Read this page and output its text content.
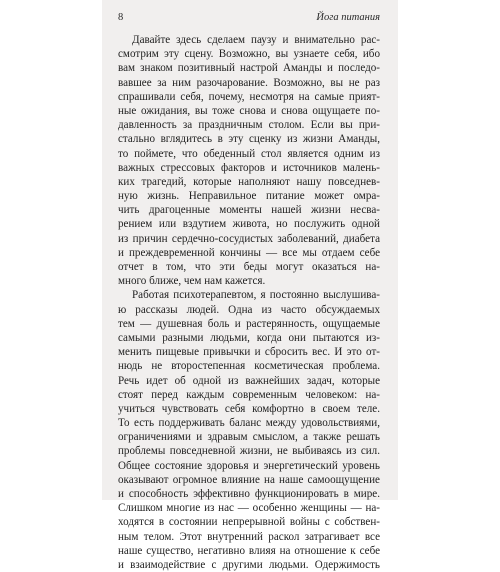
8	Йога питания
Давайте здесь сделаем паузу и внимательно рас-
смотрим эту сцену. Возможно, вы узнаете себя, ибо
вам знаком позитивный настрой Аманды и последо-
вавшее за ним разочарование. Возможно, вы не раз
спрашивали себя, почему, несмотря на самые прият-
ные ожидания, вы тоже снова и снова ощущаете по-
давленность за праздничным столом. Если вы при-
стально вглядитесь в эту сценку из жизни Аманды,
то поймете, что обеденный стол является одним из
важных стрессовых факторов и источников малень-
ких трагедий, которые наполняют нашу повседнев-
ную жизнь. Неправильное питание может омра-
чить драгоценные моменты нашей жизни несва-
рением или вздутием живота, но послужить одной
из причин сердечно-сосудистых заболеваний, диабета
и преждевременной кончины — все мы отдаем себе
отчет в том, что эти беды могут оказаться на-
много ближе, чем нам кажется.
Работая психотерапевтом, я постоянно выслушива-
ю рассказы людей. Одна из часто обсуждаемых
тем — душевная боль и растерянность, ощущаемые
самыми разными людьми, когда они пытаются из-
менить пищевые привычки и сбросить вес. И это от-
нюдь не второстепенная косметическая проблема.
Речь идет об одной из важнейших задач, которые
стоят перед каждым современным человеком: на-
учиться чувствовать себя комфортно в своем теле.
То есть поддерживать баланс между удовольствиями,
ограничениями и здравым смыслом, а также решать
проблемы повседневной жизни, не выбиваясь из сил.
Общее состояние здоровья и энергетический уровень
оказывают огромное влияние на наше самоощущение
и способность эффективно функционировать в мире.
Слишком многие из нас — особенно женщины — на-
ходятся в состоянии непрерывной войны с собствен-
ным телом. Этот внутренний раскол затрагивает все
наше существо, негативно влияя на отношение к себе
и взаимодействие с другими людьми. Одержимость
